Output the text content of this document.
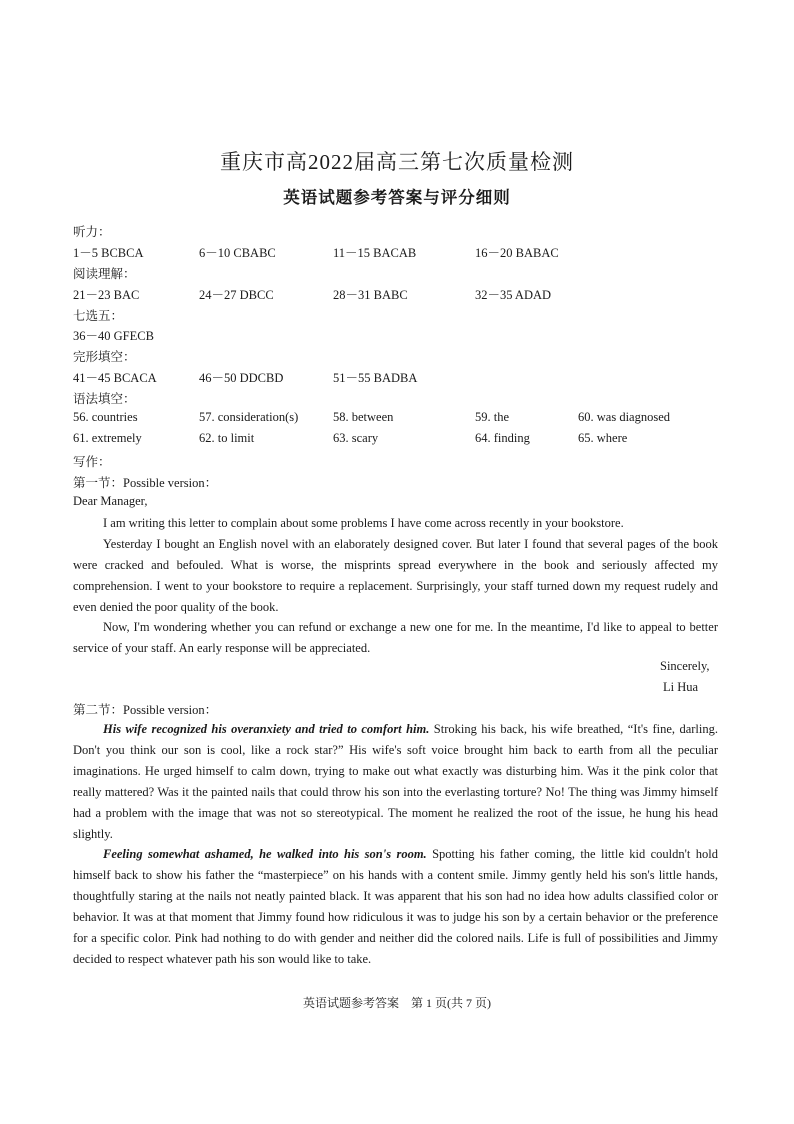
重庆市高2022届高三第七次质量检测
英语试题参考答案与评分细则
听力：
1－5 BCBCA	6－10 CBABC	11－15 BACAB	16－20 BABAC
阅读理解：
21－23 BAC	24－27 DBCC	28－31 BABC	32－35 ADAD
七选五：
36－40 GFECB
完形填空：
41－45 BCACA	46－50 DDCBD	51－55 BADBA
语法填空：
56. countries	57. consideration(s)	58. between	59. the	60. was diagnosed
61. extremely	62. to limit	63. scary	64. finding	65. where
写作：
第一节：Possible version：
Dear Manager,
I am writing this letter to complain about some problems I have come across recently in your bookstore.
Yesterday I bought an English novel with an elaborately designed cover. But later I found that several pages of the book were cracked and befouled. What is worse, the misprints spread everywhere in the book and seriously affected my comprehension. I went to your bookstore to require a replacement. Surprisingly, your staff turned down my request rudely and even denied the poor quality of the book.
Now, I'm wondering whether you can refund or exchange a new one for me. In the meantime, I'd like to appeal to better service of your staff. An early response will be appreciated.
Sincerely,
Li Hua
第二节：Possible version：
His wife recognized his overanxiety and tried to comfort him. Stroking his back, his wife breathed, “It's fine, darling. Don't you think our son is cool, like a rock star?” His wife's soft voice brought him back to earth from all the peculiar imaginations. He urged himself to calm down, trying to make out what exactly was disturbing him. Was it the pink color that really mattered? Was it the painted nails that could throw his son into the everlasting torture? No! The thing was Jimmy himself had a problem with the image that was not so stereotypical. The moment he realized the root of the issue, he hung his head slightly.
Feeling somewhat ashamed, he walked into his son's room. Spotting his father coming, the little kid couldn't hold himself back to show his father the “masterpiece” on his hands with a content smile. Jimmy gently held his son's little hands, thoughtfully staring at the nails not neatly painted black. It was apparent that his son had no idea how adults classified color or behavior. It was at that moment that Jimmy found how ridiculous it was to judge his son by a certain behavior or the preference for a specific color. Pink had nothing to do with gender and neither did the colored nails. Life is full of possibilities and Jimmy decided to respect whatever path his son would like to take.
英语试题参考答案　第 1 页(共 7 页)
